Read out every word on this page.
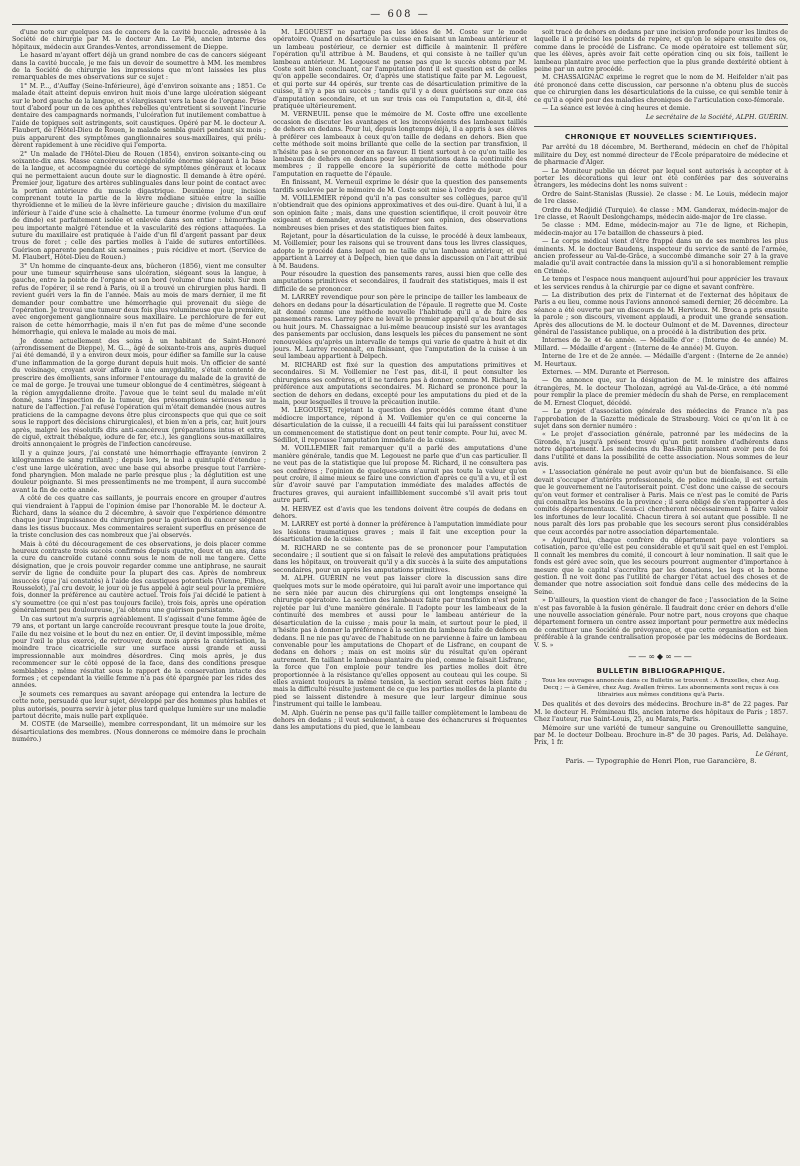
— 608 —

d'une note sur quelques cas de cancers de la cavité buccale, adressée à la Société de chirurgie par M. le docteur Am. Le Plé, ancien interne des hôpitaux, médecin aux Grandes-Ventes, arrondissement de Dieppe.

Le hasard m'ayant offert déjà un grand nombre de cas de cancers siégeant dans la cavité buccale, je me fais un devoir de soumettre à MM. les membres de la Société de chirurgie les impressions que m'ont laissées les plus remarquables de mes observations sur ce sujet :

1° M. P..., d'Auffay (Seine-Inférieure), âgé d'environ soixante ans ; 1851. Ce malade était atteint depuis environ huit mois d'une large ulcération siégeant sur le bord gauche de la langue, et s'élargissant vers la base de l'organe. Prise tout d'abord pour un de ces aphthes rebelles qu'entretient si souvent l'incurie dentaire des campagnards normands, l'ulcération fut inutilement combattue à l'aide de topiques soit astringents, soit caustiques. Opéré par M. le docteur A. Flaubert, de l'Hôtel-Dieu de Rouen, le malade sembla guéri pendant six mois ; puis apparurent des symptômes ganglionnaires sous-maxillaires, qui prélu-dèrent rapidement à une récidive qui l'emporta.

2° Un malade de l'Hôtel-Dieu de Rouen (1854), environ soixante-cinq ou soixante-dix ans. Masse cancéreuse encéphaloïde énorme siégeant à la base de la langue, et accompagnée du cortège de symptômes généraux et locaux qui ne permettaient aucun doute sur le diagnostic. Il demande à être opéré. Premier jour, ligature des artères sublinguales dans leur point de contact avec la portion antérieure du muscle digastrique. Deuxième jour, incision comprenant toute la partie de la lèvre médiane située entre la saillie thyroïdienne et le milieu de la lèvre inférieure gauche ; division du maxillaire inférieur à l'aide d'une scie à chaînette. La tumeur énorme (volume d'un œuf de dinde) est parfaitement isolée et enlevée dans son entier : hémorrhagie peu importante malgré l'étendue et la vascularité des régions attaquées. La suture du maxillaire est pratiquée à l'aide d'un fil d'argent passant par deux trous de foret ; celle des parties molles à l'aide de sutures entortillées. Guérison apparente pendant six semaines ; puis récidive et mort. (Service de M. Flaubert, Hôtel-Dieu de Rouen.)

3° Un homme de cinquante-deux ans, bûcheron (1856), vient me consulter pour une tumeur squirrheuse sans ulcération, siégeant sous la langue, à gauche, entre la pointe de l'organe et son bord (volume d'une noix). Sur mon refus de l'opérer, il se rend à Paris, où il a trouvé un chirurgien plus hardi. Il revient guéri vers la fin de l'année. Mais au mois de mars dernier, il me fit demander pour combattre une hémorrhagie qui provenait du siège de l'opération. Je trouvai une tumeur deux fois plus volumineuse que la première, avec engorgement ganglionnaire sous maxillaire. Le perchlorure de fer eut raison de cette hémorrhagie, mais il n'en fut pas de même d'une seconde hémorrhagie, qui enleva le malade au mois de mai.

Je donne actuellement des soins à un habitant de Saint-Honoré (arrondissement de Dieppe), M. G..., âgé de soixante-trois ans, auprès duquel j'ai été demandé, il y a environ deux mois, pour édifier sa famille sur la cause d'une inflammation de la gorge durant depuis huit mois. Un officier de santé du voisinage, croyant avoir affaire à une amygdalite, s'était contenté de prescrire des émollients, sans informer l'entourage du malade de la gravité de ce mal de gorge. Je trouvai une tumeur oblongue de 4 centimètres, siégeant à la région amygdalienne droite. J'avoue que le teint seul du malade m'eût donné, sans l'inspection de la tumeur, des présomptions sérieuses sur la nature de l'affection. J'ai refusé l'opération qui m'était demandée (nous autres praticiens de la campagne devons être plus circonspects que qui que ce soit sous le rapport des décisions chirurgicales), et bien m'en a pris, car, huit jours après, malgré les résolutifs dits anti-cancéreux (préparations intus et extra, de ciguë, extrait thébaïque, iodure de fer, etc.), les ganglions sous-maxillaires droits annonçaient le progrès de l'infection cancéreuse.

Il y a quinze jours, j'ai constaté une hémorrhagie effrayante (environ 2 kilogrammes de sang rutilant) ; depuis lors, le mal a quintuplé d'étendue ; c'est une large ulcération, avec une base qui absorbe presque tout l'arrière-fond pharyngien. Mon malade ne parle presque plus ; la déglutition est une douleur poignante. Si mes pressentiments ne me trompent, il aura succombé avant la fin de cette année.

A côté de ces quatre cas saillants, je pourrais encore en grouper d'autres qui viendraient à l'appui de l'opinion émise par l'honorable M. le docteur A. Richard, dans la séance du 2 décembre, à savoir que l'expérience démontre chaque jour l'impuissance du chirurgien pour la guérison du cancer siégeant dans les tissus buccaux. Mes commentaires seraient superflus en présence de la triste conclusion des cas nombreux que j'ai observés.

Mais à côté du découragement de ces observations, je dois placer comme heureux contraste trois succès confirmés depuis quatre, deux et un ans, dans la cure du cancroïde cutané connu sous le nom de noli me tangere. Cette désignation, que je crois pouvoir regarder comme une antiphrase, ne saurait servir de ligne de conduite pour la plupart des cas. Après de nombreux insuccès (que j'ai constatés) à l'aide des caustiques potentiels (Vienne, Filhos, Rousselot), j'ai cru devoir, le jour où je fus appelé à agir seul pour la première fois, donner la préférence au cautère actuel. Trois fois j'ai décidé le patient à s'y soumettre (ce qui n'est pas toujours facile), trois fois, après une opération généralement peu douloureuse, j'ai obtenu une guérison persistante.

Un cas surtout m'a surpris agréablement. Il s'agissait d'une femme âgée de 79 ans, et portant un large cancroïde recouvrant presque toute la joue droite, l'aile du nez voisine et le bout du nez en entier. Or, il devint impossible, même pour l'œil le plus exercé, de retrouver, deux mois après la cautérisation, la moindre trace cicatricielle sur une surface aussi grande et aussi impressionnable aux moindres désordres. Cinq mois après, je dus recommencer sur le côté opposé de la face, dans des conditions presque semblables ; même résultat sous le rapport de la conservation intacte des formes ; et cependant la vieille femme n'a pas été épargnée par les rides des années.

Je soumets ces remarques au savant aréopage qui entendra la lecture de cette note, persuadé que leur sujet, développé par des hommes plus habiles et plus autorisés, pourra servir à jeter plus tard quelque lumière sur une maladie partout décrite, mais nulle part expliquée.

M. COSTE (de Marseille), membre correspondant, lit un mémoire sur les désarticulations des membres. (Nous donnerons ce mémoire dans le prochain numéro.)

M. LEGOUEST ne partage pas les idées de M. Coste sur le mode opératoire. Quand on désarticule la cuisse en faisant un lambeau antérieur et un lambeau postérieur, ce dernier est difficile à maintenir. Il préfère l'opération qu'il attribue à M. Baudens, et qui consiste à ne tailler qu'un lambeau antérieur. M. Legouest ne pense pas que le succès obtenu par M. Coste soit bien concluant, car l'amputation dont il est question est de celles qu'on appelle secondaires. Or, d'après une statistique faite par M. Legouest, et qui porte sur 44 opérés, sur trente cas de désarticulation primitive de la cuisse, il n'y a pas un succès ; tandis qu'il y a deux guérisons sur onze cas d'amputation secondaire, et un sur trois cas où l'amputation a, dit-il, été pratiquée ultérieurement.

M. VERNEUIL pense que le mémoire de M. Coste offre une excellente occasion de discuter les avantages et les inconvénients des lambeaux taillés de dehors en dedans. Pour lui, depuis longtemps déjà, il a appris à ses élèves à préférer ces lambeaux à ceux qu'on taille de dedans en dehors. Bien que cette méthode soit moins brillante que celle de la section par transfixion, il n'hésite pas à se prononcer en sa faveur. Il tient surtout à ce qu'on taille les lambeaux de dehors en dedans pour les amputations dans la continuité des membres ; il rappelle encore la supériorité de cette méthode pour l'amputation en raquette de l'épaule.

En finissant, M. Verneuil exprime le désir que la question des pansements tardifs soulevée par le mémoire de M. Coste soit mise à l'ordre du jour.

M. VOILLEMIER répond qu'il n'a pas consulter ses collègues, parce qu'il n'obtiendrait que des opinions approximatives et des oui-dire. Quant à lui, il a son opinion faite ; mais, dans une question scientifique, il croit pouvoir être exigeant et demander, avant de réformer son opinion, des observations nombreuses bien prises et des statistiques bien faites.

Rejetant, pour la désarticulation de la cuisse, le procédé à deux lambeaux, M. Voillemier, pour les raisons qui se trouvent dans tous les livres classiques, adopte le procédé dans lequel on ne taille qu'un lambeau antérieur, et qui appartient à Larrey et à Delpech, bien que dans la discussion on l'ait attribué à M. Baudens.

Pour résoudre la question des pansements rares, aussi bien que celle des amputations primitives et secondaires, il faudrait des statistiques, mais il est difficile de se prononcer.

M. LARREY revendique pour son père le principe de tailler les lambeaux de dehors en dedans pour la désarticulation de l'épaule. Il regrette que M. Coste ait donné comme une méthode nouvelle l'habitude qu'il a de faire des pansements rares. Larrey père ne levait le premier appareil qu'au bout de six ou huit jours. M. Chassaignac a lui-même beaucoup insisté sur les avantages des pansements par occlusion, dans lesquels les pièces du pansement ne sont renouvelées qu'après un intervalle de temps qui varie de quatre à huit et dix jours. M. Larrey reconnaît, en finissant, que l'amputation de la cuisse à un seul lambeau appartient à Delpech.

M. RICHARD est fixé sur la question des amputations primitives et secondaires. Si M. Voillemier ne l'est pas, dit-il, il peut consulter les chirurgiens ses confrères, et il ne tardera pas à donner, comme M. Richard, la préférence aux amputations secondaires. M. Richard se prononce pour la section de dehors en dedans, excepté pour les amputations du pied et de la main, pour lesquelles il trouve la précaution inutile.

M. LEGOUEST, rejetant la question des procédés comme étant d'une médiocre importance, répond à M. Voillemier qu'en ce qui concerne la désarticulation de la cuisse, il a recueilli 44 faits qui lui paraissent constituer un commencement de statistique dont on peut tenir compte. Pour lui, avec M. Sédillot, il repousse l'amputation immédiate de la cuisse.

M. VOILLEMIER fait remarquer qu'il a parlé des amputations d'une manière générale, tandis que M. Legouest ne parle que d'un cas particulier. Il ne veut pas de la statistique que lui propose M. Richard, il ne consultera pas ses confrères ; l'opinion de quelques-uns n'aurait pas toute la valeur qu'on peut croire, il aime mieux se faire une conviction d'après ce qu'il a vu, et il est sûr d'avoir sauvé par l'amputation immédiate des malades affectés de fractures graves, qui auraient infailliblement succombé s'il avait pris tout autre parti.

M. HERVEZ est d'avis que les tendons doivent être coupés de dedans en dehors.

M. LARREY est porté à donner la préférence à l'amputation immédiate pour les lésions traumatiques graves ; mais il fait une exception pour la désarticulation de la cuisse.

M. RICHARD ne se contente pas de se prononcer pour l'amputation secondaire ; il soutient que si on faisait le relevé des amputations pratiquées dans les hôpitaux, on trouverait qu'il y a dix succès à la suite des amputations secondaires, pour un après les amputations primitives.

M. ALPH. GUÉRIN ne veut pas laisser clore la discussion sans dire quelques mots sur le mode opératoire, qui lui paraît avoir une importance qui ne sera niée par aucun des chirurgiens qui ont longtemps enseigné la chirurgie opératoire. La section des lambeaux faite par transfixion n'est point rejetée par lui d'une manière générale. Il l'adopte pour les lambeaux de la continuité des membres et aussi pour le lambeau antérieur de la désarticulation de la cuisse ; mais pour la main, et surtout pour le pied, il n'hésite pas à donner la préférence à la section du lambeau faite de dehors en dedans. Il ne nie pas qu'avec de l'habitude on ne parvienne à faire un lambeau convenable pour les amputations de Chopart et de Lisfranc, en coupant de dedans en dehors ; mais on est moins sûr du résultat qu'en opérant autrement. En taillant le lambeau plantaire du pied, comme le faisait Lisfranc, la force que l'on emploie pour tendre les parties molles doit être proportionnée à la résistance qu'elles opposent au couteau qui les coupe. Si elles avaient toujours la même tension, la section serait certes bien faite ; mais la difficulté résulte justement de ce que les parties molles de la plante du pied se laissent distendre à mesure que leur largeur diminue sous l'instrument qui taille le lambeau.

M. Alph. Guérin ne pense pas qu'il faille tailler complètement le lambeau de dehors en dedans ; il veut seulement, à cause des échancrures si fréquentes dans les amputations du pied, que le lambeau

soit tracé de dehors en dedans par une incision profonde pour les limites de laquelle il a précisé les points de repère, et qu'on le sépare ensuite des os, comme dans le procédé de Lisfranc. Ce mode opératoire est tellement sûr, que les élèves, après avoir fait cette opération cinq ou six fois, taillent le lambeau plantaire avec une perfection que la plus grande dextérité obtient à peine par un autre procédé.

M. CHASSAIGNAC exprime le regret que le nom de M. Heifelder n'ait pas été prononcé dans cette discussion, car personne n'a obtenu plus de succès que ce chirurgien dans les désarticulations de la cuisse, ce qui semble tenir à ce qu'il a opéré pour des maladies chroniques de l'articulation coxo-fémorale.

— La séance est levée à cinq heures et demie.

Le secrétaire de la Société, ALPH. GUÉRIN.
CHRONIQUE ET NOUVELLES SCIENTIFIQUES.

Par arrêté du 18 décembre, M. Bertherand, médecin en chef de l'hôpital militaire du Dey, est nommé directeur de l'École préparatoire de médecine et de pharmacie d'Alger.

— Le Moniteur publie un décret par lequel sont autorisés à accepter et à porter les décorations qui leur ont été conférées par des souverains étrangers, les médecins dont les noms suivent :

Ordre de Saint-Stanislas (Russie). 2e classe : M. Le Louis, médecin major de 1re classe.

Ordre du Medjidié (Turquie). 4e classe : MM. Ganderax, médecin-major de 1re classe, et Raoult Deslongchamps, médecin aide-major de 1re classe.

5e classe : MM. Edme, médecin-major au 71e de ligne, et Richepin, médecin-major au 17e bataillon de chasseurs à pied.

— Le corps médical vient d'être frappé dans un de ses membres les plus éminents. M. le docteur Baudens, inspecteur du service de santé de l'armée, ancien professeur au Val-de-Grâce, a succombé dimanche soir 27 à la grave maladie qu'il avait contractée dans la mission qu'il a si honorablement remplie en Crimée.

Le temps et l'espace nous manquent aujourd'hui pour apprécier les travaux et les services rendus à la chirurgie par ce digne et savant confrère.

— La distribution des prix de l'internat et de l'externat des hôpitaux de Paris a eu lieu, comme nous l'avions annoncé samedi dernier, 26 décembre. La séance a été ouverte par un discours de M. Hervieux. M. Broca a pris ensuite la parole ; son discours, vivement applaudi, a produit une grande sensation. Après des allocutions de M. le docteur Oulmont et de M. Davennes, directeur général de l'assistance publique, on a procédé à la distribution des prix.

Internes de 3e et 4e année. — Médaille d'or : (Interne de 4e année) M. Millard. — Médaille d'argent : (Interne de 4e année) M. Guyon.

Interne de 1re et de 2e année. — Médaille d'argent : (Interne de 2e année) M. Heurtaux.

Externes. — MM. Durante et Pierreson.

— On annonce que, sur la désignation de M. le ministre des affaires étrangères, M. le docteur Tholozan, agrégé au Val-de-Grâce, a été nommé pour remplir la place de premier médecin du shah de Perse, en remplacement de M. Ernest Cloquet, décédé.

— Le projet d'association générale des médecins de France n'a pas l'approbation de la Gazette médicale de Strasbourg. Voici ce qu'on lit à ce sujet dans son dernier numéro :

« Le projet d'association générale, patronné par les médecins de la Gironde, n'a jusqu'à présent trouvé qu'un petit nombre d'adhérents dans notre département. Les médecins du Bas-Rhin paraissent avoir peu de foi dans l'utilité et dans la possibilité de cette association. Nous sommes de leur avis.

» L'association générale ne peut avoir qu'un but de bienfaisance. Si elle devait s'occuper d'intérêts professionnels, de police médicale, il est certain que le gouvernement ne l'autoriserait point. C'est donc une caisse de secours qu'on veut former et centraliser à Paris. Mais ce n'est pas le comité de Paris qui connaîtra les besoins de la province ; il sera obligé de s'en rapporter à des comités départementaux. Ceux-ci chercheront nécessairement à faire valoir les infortunes de leur localité. Chacun tirera à soi autant que possible. Il ne nous paraît dès lors pas probable que les secours seront plus considérables que ceux accordés par notre association départementale.

» Aujourd'hui, chaque confrère du département paye volontiers sa cotisation, parce qu'elle est peu considérable et qu'il sait quel en est l'emploi. Il connaît les membres du comité, il concourt à leur nomination. Il sait que le fonds est géré avec soin, que les secours pourront augmenter d'importance à mesure que le capital s'accroîtra par les donations, les legs et la bonne gestion. Il ne voit donc pas l'utilité de charger l'état actuel des choses et de demander que notre association soit fondue dans celle des médecins de la Seine.

» D'ailleurs, la question vient de changer de face ; l'association de la Seine n'est pas favorable à la fusion générale. Il faudrait donc créer en dehors d'elle une nouvelle association générale. Pour notre part, nous croyons que chaque département formera un centre assez important pour permettre aux médecins de constituer une Société de prévoyance, et que cette organisation est bien préférable à la grande centralisation proposée par les médecins de Bordeaux. V. S. »

——∞◆∞——
BULLETIN BIBLIOGRAPHIQUE.
Tous les ouvrages annoncés dans ce Bulletin se trouvent : A Bruxelles, chez Aug. Decq ; — à Genève, chez Aug. Avallen frères. Les abonnements sont reçus à ces librairies aux mêmes conditions qu'à Paris.

Des qualités et des devoirs des médecins. Brochure in-8° de 22 pages. Par M. le docteur H. Frémineau fils, ancien interne des hôpitaux de Paris ; 1857. Chez l'auteur, rue Saint-Louis, 25, au Marais, Paris.

Mémoire sur une variété de tumeur sanguine ou Grenouillette sanguine, par M. le docteur Dolbeau. Brochure in-8° de 30 pages. Paris, Ad. Delahaye. Prix, 1 fr.

Le Gérant,
Paris. — Typographie de Henri Plon, rue Garancière, 8.
